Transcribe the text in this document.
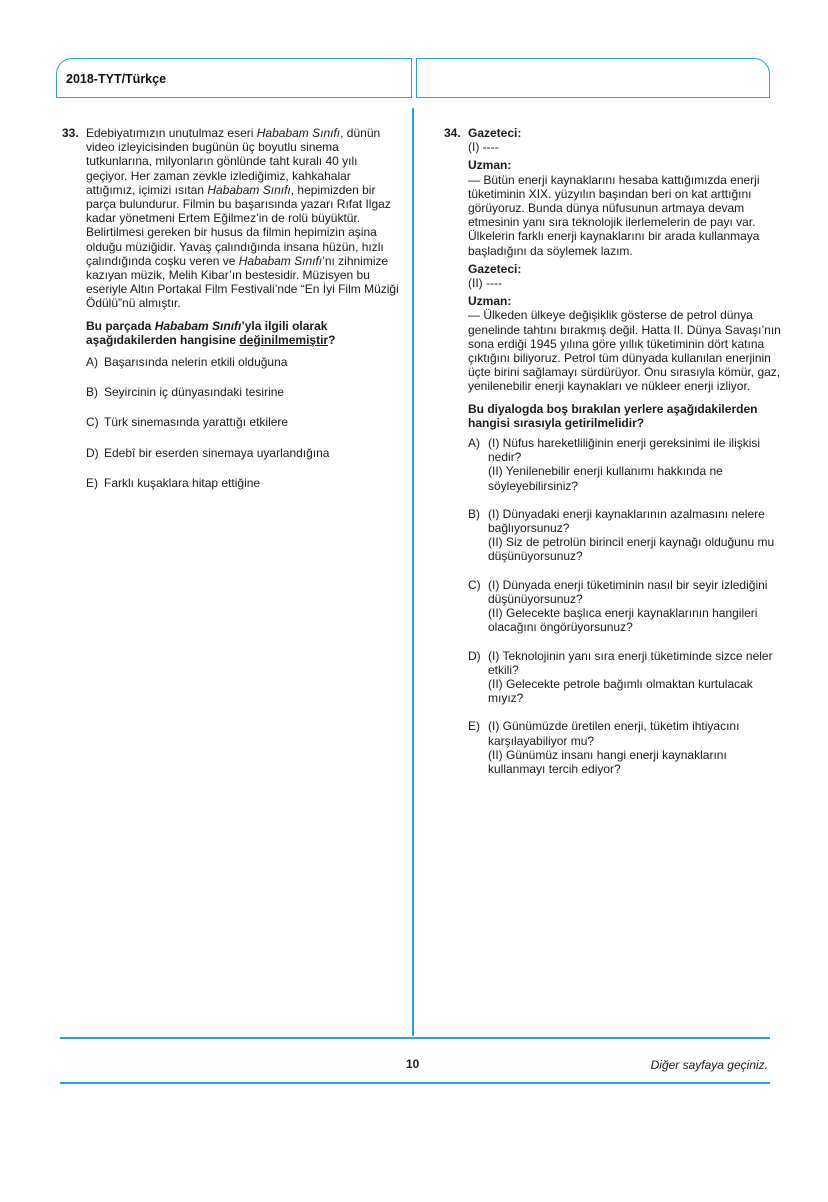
2018-TYT/Türkçe
33. Edebiyatımızın unutulmaz eseri Hababam Sınıfı, dünün video izleyicisinden bugünün üç boyutlu sinema tutkunlarına, milyonların gönlünde taht kuralı 40 yılı geçiyor. Her zaman zevkle izlediğimiz, kahkahalar attığımız, içimizi ısıtan Hababam Sınıfı, hepimizden bir parça bulundurur. Filmin bu başarısında yazarı Rıfat Ilgaz kadar yönetmeni Ertem Eğilmez’in de rolü büyüktür. Belirtilmesi gereken bir husus da filmin hepimizin aşina olduğu müziğidir. Yavaş çalındığında insana hüzün, hızlı çalındığında coşku veren ve Hababam Sınıfı’nı zihnimize kazıyan müzik, Melih Kibar’ın bestesidir. Müzisyen bu eseriyle Altın Portakal Film Festivali’nde “En İyi Film Müziği Ödülü”nü almıştır.

Bu parçada Hababam Sınıfı’yla ilgili olarak aşağıdakilerden hangisine değinilmemiştir?

A) Başarısında nelerin etkili olduğuna
B) Seyircinin iç dünyasındaki tesirine
C) Türk sinemasında yarattığı etkilere
D) Edebî bir eserden sinemaya uyarlandığına
E) Farklı kuşaklara hitap ettiğine
34. Gazeteci:
(I) ----
Uzman:
— Bütün enerji kaynaklarını hesaba kattığımızda enerji tüketiminin XIX. yüzyılın başından beri on kat arttığını görüyoruz. Bunda dünya nüfusunun artmaya devam etmesinin yanı sıra teknolojik ilerlemelerin de payı var. Ülkelerin farklı enerji kaynaklarını bir arada kullanmaya başladığını da söylemek lazım.
Gazeteci:
(II) ----
Uzman:
— Ülkeden ülkeye değişiklik gösterse de petrol dünya genelinde tahtını bırakmış değil. Hatta II. Dünya Savaşı’nın sona erdiği 1945 yılına göre yıllık tüketiminin dört katına çıktığını biliyoruz. Petrol tüm dünyada kullanılan enerjinin üçte birini sağlamayı sürdürüyor. Onu sırasıyla kömür, gaz, yenilenebilir enerji kaynakları ve nükleer enerji izliyor.

Bu diyalogda boş bırakılan yerlere aşağıdakilerden hangisi sırasıyla getirilmelidir?

A) (I) Nüfus hareketliliğinin enerji gereksinimi ile ilişkisi nedir?
(II) Yenilenebilir enerji kullanımı hakkında ne söyleyebilirsiniz?
B) (I) Dünyadaki enerji kaynaklarının azalmasını nelere bağlıyorsunuz?
(II) Siz de petrolün birincil enerji kaynağı olduğunu mu düşünüyorsunuz?
C) (I) Dünyada enerji tüketiminin nasıl bir seyir izlediğini düşünüyorsunuz?
(II) Gelecekte başlıca enerji kaynaklarının hangileri olacağını öngörüyorsunuz?
D) (I) Teknolojinin yanı sıra enerji tüketiminde sizce neler etkili?
(II) Gelecekte petrole bağımlı olmaktan kurtulacak mıyız?
E) (I) Günümüzde üretilen enerji, tüketim ihtiyacını karşılayabiliyor mu?
(II) Günümüz insanı hangi enerji kaynaklarını kullanmayı tercih ediyor?
10	Diğer sayfaya geçiniz.
